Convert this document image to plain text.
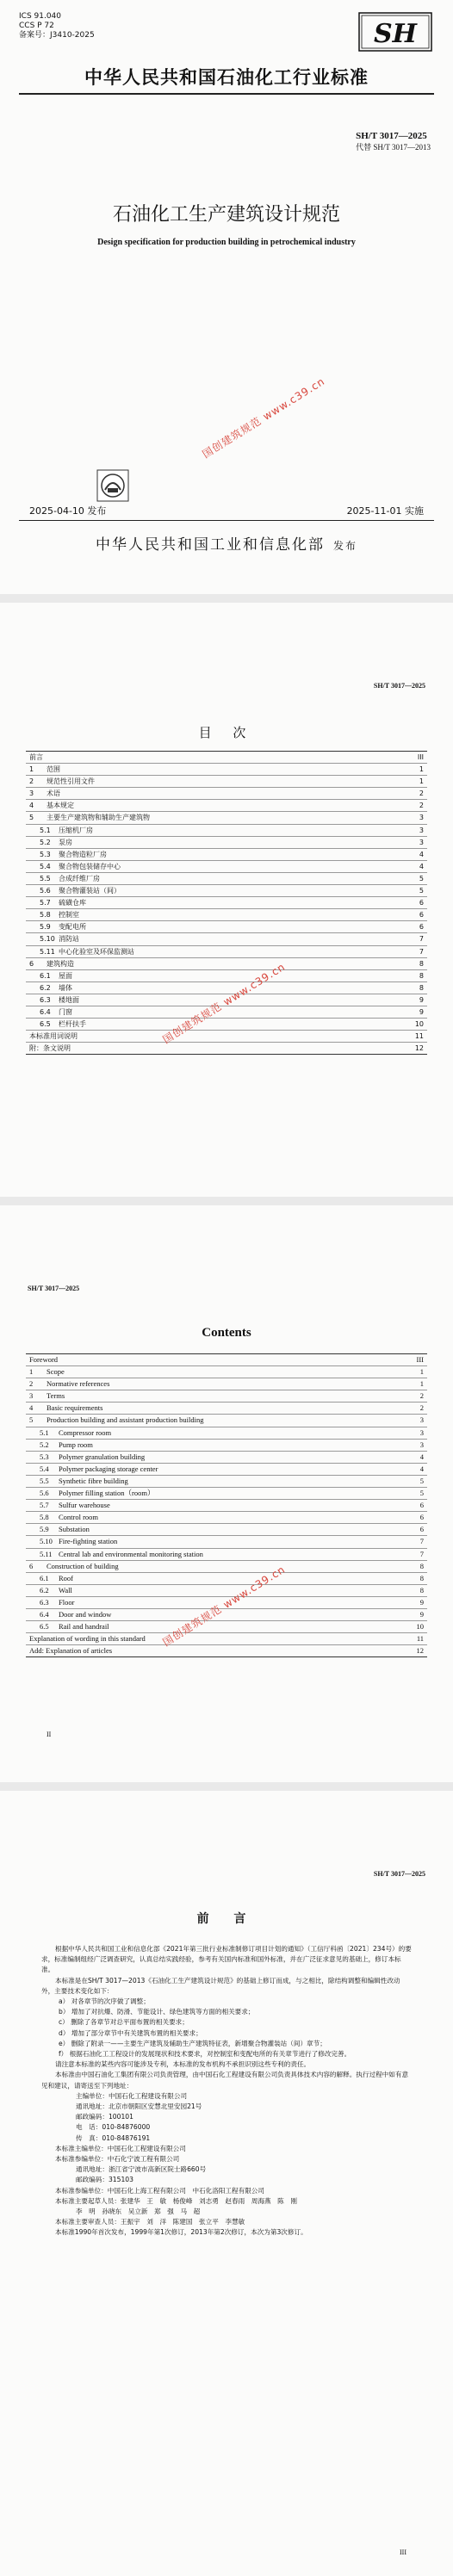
ICS 91.040
CCS P 72
备案号：J3410-2025	SH
中华人民共和国石油化工行业标准
SH/T 3017—2025
代替 SH/T 3017—2013
石油化工生产建筑设计规范
Design specification for production building in petrochemical industry
国创建筑规范 www.c39.cn
2025-04-10 发布	2025-11-01 实施
中华人民共和国工业和信息化部 发布
SH/T 3017—2025
目 次
前言	III
1 范围	1
2 规范性引用文件	1
3 术语	2
4 基本规定	2
5 主要生产建筑物和辅助生产建筑物	3
5.1 压缩机厂房	3
5.2 泵房	3
5.3 聚合物造粒厂房	4
5.4 聚合物包装储存中心	4
5.5 合成纤维厂房	5
5.6 聚合物灌装站（间）	5
5.7 硫磺仓库	6
5.8 控制室	6
5.9 变配电所	6
5.10 消防站	7
5.11 中心化验室及环保监测站	7
6 建筑构造	8
6.1 屋面	8
6.2 墙体	8
6.3 楼地面	9
6.4 门窗	9
6.5 栏杆扶手	10
本标准用词说明	11
附：条文说明	12
国创建筑规范 www.c39.cn
SH/T 3017—2025
Contents
Foreword	III
1 Scope	1
2 Normative references	1
3 Terms	2
4 Basic requirements	2
5 Production building and assistant production building	3
5.1 Compressor room	3
5.2 Pump room	3
5.3 Polymer granulation building	4
5.4 Polymer packaging storage center	4
5.5 Synthetic fibre building	5
5.6 Polymer filling station（room）	5
5.7 Sulfur warehouse	6
5.8 Control room	6
5.9 Substation	6
5.10 Fire-fighting station	7
5.11 Central lab and environmental monitoring station	7
6 Construction of building	8
6.1 Roof	8
6.2 Wall	8
6.3 Floor	9
6.4 Door and window	9
6.5 Rail and handrail	10
Explanation of wording in this standard	11
Add: Explanation of articles	12
国创建筑规范 www.c39.cn
II
SH/T 3017—2025
前 言

根据中华人民共和国工业和信息化部《2021年第三批行业标准制修订项目计划的通知》（工信厅科函〔2021〕234号）的要求，标准编制组经广泛调查研究，认真总结实践经验，参考有关国内标准和国外标准，并在广泛征求意见的基础上，修订本标准。

本标准是在SH/T 3017—2013《石油化工生产建筑设计规范》的基础上修订而成，与之相比，除结构调整和编辑性改动外，主要技术变化如下：

a） 对各章节的次序做了调整；

b） 增加了对抗爆、防滑、节能设计、绿色建筑等方面的相关要求；

c） 删除了各章节对总平面布置的相关要求；

d） 增加了部分章节中有关建筑布置的相关要求；

e） 删除了附录一——主要生产建筑及辅助生产建筑特征表，新增聚合物灌装站（间）章节；

f） 根据石油化工工程设计的发展现状和技术要求，对控制室和变配电所的有关章节进行了修改完善。

请注意本标准的某些内容可能涉及专利，本标准的发布机构不承担识别这些专利的责任。

本标准由中国石油化工集团有限公司负责管理，由中国石化工程建设有限公司负责具体技术内容的解释。执行过程中如有意见和建议，请寄送至下列地址：

主编单位：中国石化工程建设有限公司

通讯地址：北京市朝阳区安慧北里安园21号

邮政编码：100101

电　话：010-84876000

传　真：010-84876191

本标准主编单位：中国石化工程建设有限公司

本标准参编单位：中石化宁波工程有限公司

通讯地址：浙江省宁波市高新区院士路660号

邮政编码：315103

本标准参编单位：中国石化上海工程有限公司　中石化洛阳工程有限公司

本标准主要起草人员：张建华　王　敏　杨俊峰　刘志勇　赵春雨　周海燕　陈　刚

李　明　孙晓东　吴立新　郑　强　马　超

本标准主要审查人员：王振宇　刘　洋　陈建国　张立平　李慧敏

本标准1990年首次发布，1999年第1次修订，2013年第2次修订，本次为第3次修订。

III
